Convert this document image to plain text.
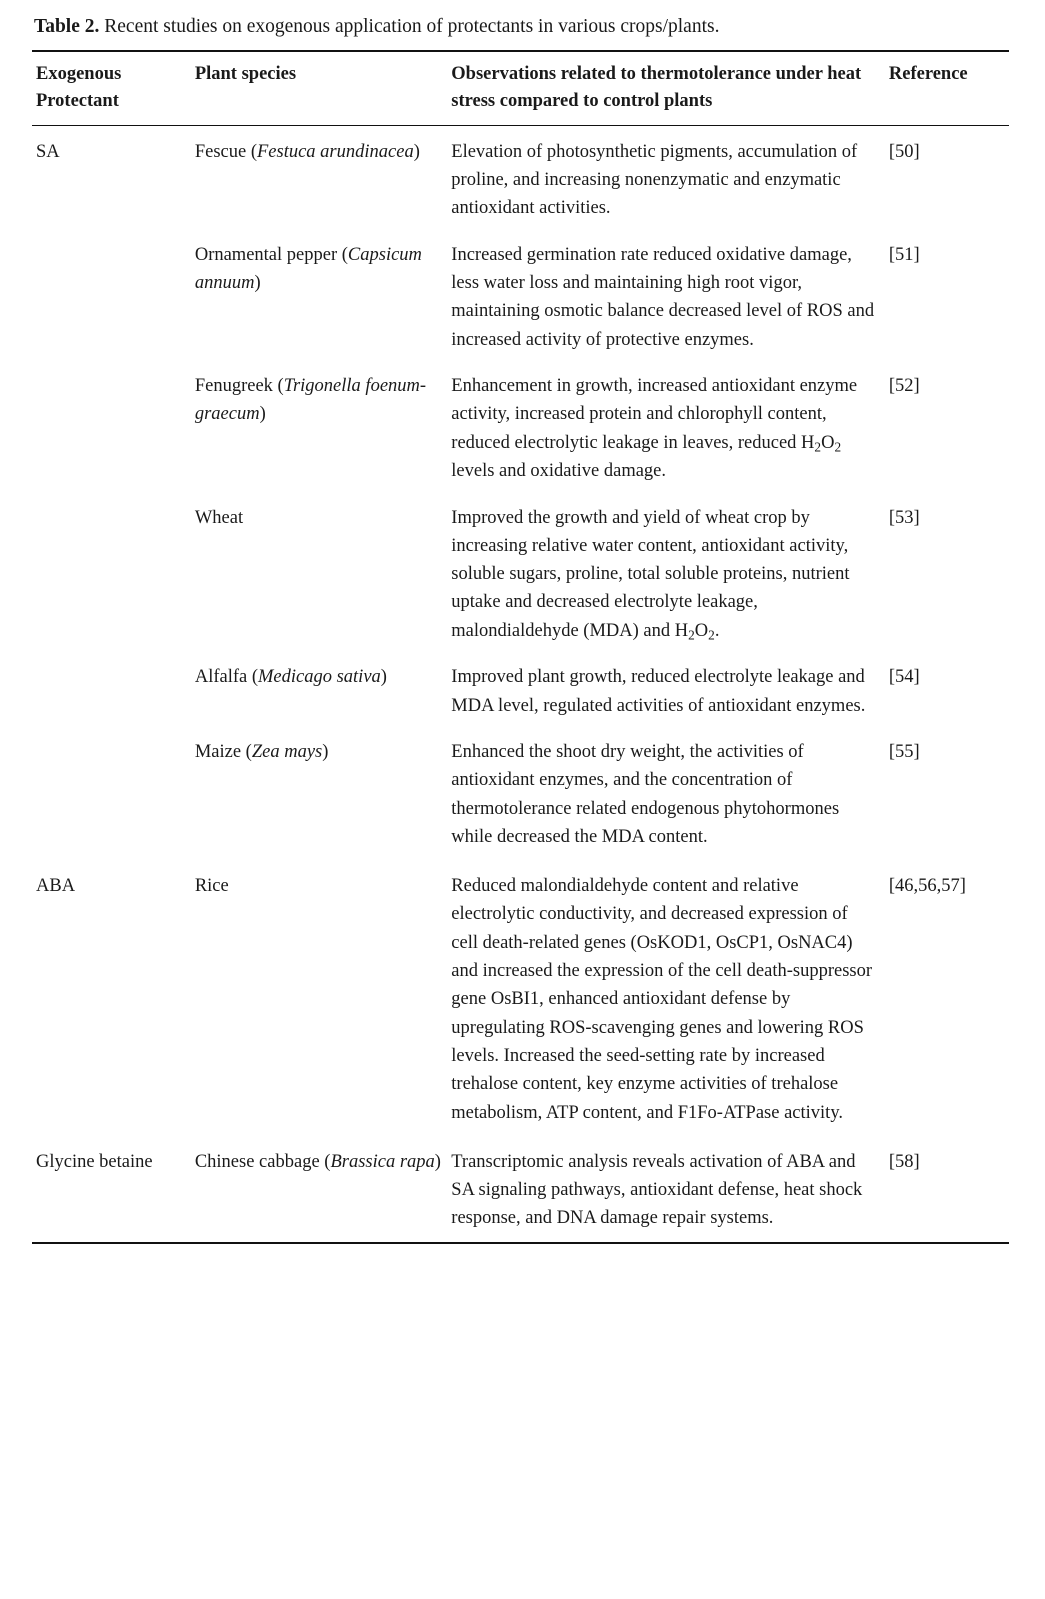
Table 2. Recent studies on exogenous application of protectants in various crops/plants.
Exogenous Protectant	Plant species	Observations related to thermotolerance under heat stress compared to control plants	Reference
SA	Fescue (Festuca arundinacea)	Elevation of photosynthetic pigments, accumulation of proline, and increasing nonenzymatic and enzymatic antioxidant activities.	[50]
	Ornamental pepper (Capsicum annuum)	Increased germination rate reduced oxidative damage, less water loss and maintaining high root vigor, maintaining osmotic balance decreased level of ROS and increased activity of protective enzymes.	[51]
	Fenugreek (Trigonella foenum-graecum)	Enhancement in growth, increased antioxidant enzyme activity, increased protein and chlorophyll content, reduced electrolytic leakage in leaves, reduced $H_2O_2$ levels and oxidative damage.	[52]
	Wheat	Improved the growth and yield of wheat crop by increasing relative water content, antioxidant activity, soluble sugars, proline, total soluble proteins, nutrient uptake and decreased electrolyte leakage, malondialdehyde (MDA) and $H_2O_2$.	[53]
	Alfalfa (Medicago sativa)	Improved plant growth, reduced electrolyte leakage and MDA level, regulated activities of antioxidant enzymes.	[54]
	Maize (Zea mays)	Enhanced the shoot dry weight, the activities of antioxidant enzymes, and the concentration of thermotolerance related endogenous phytohormones while decreased the MDA content.	[55]
ABA	Rice	Reduced malondialdehyde content and relative electrolytic conductivity, and decreased expression of cell death-related genes (OsKOD1, OsCP1, OsNAC4) and increased the expression of the cell death-suppressor gene OsBI1, enhanced antioxidant defense by upregulating ROS-scavenging genes and lowering ROS levels. Increased the seed-setting rate by increased trehalose content, key enzyme activities of trehalose metabolism, ATP content, and F1Fo-ATPase activity.	[46,56,57]
Glycine betaine	Chinese cabbage (Brassica rapa)	Transcriptomic analysis reveals activation of ABA and SA signaling pathways, antioxidant defense, heat shock response, and DNA damage repair systems.	[58]
